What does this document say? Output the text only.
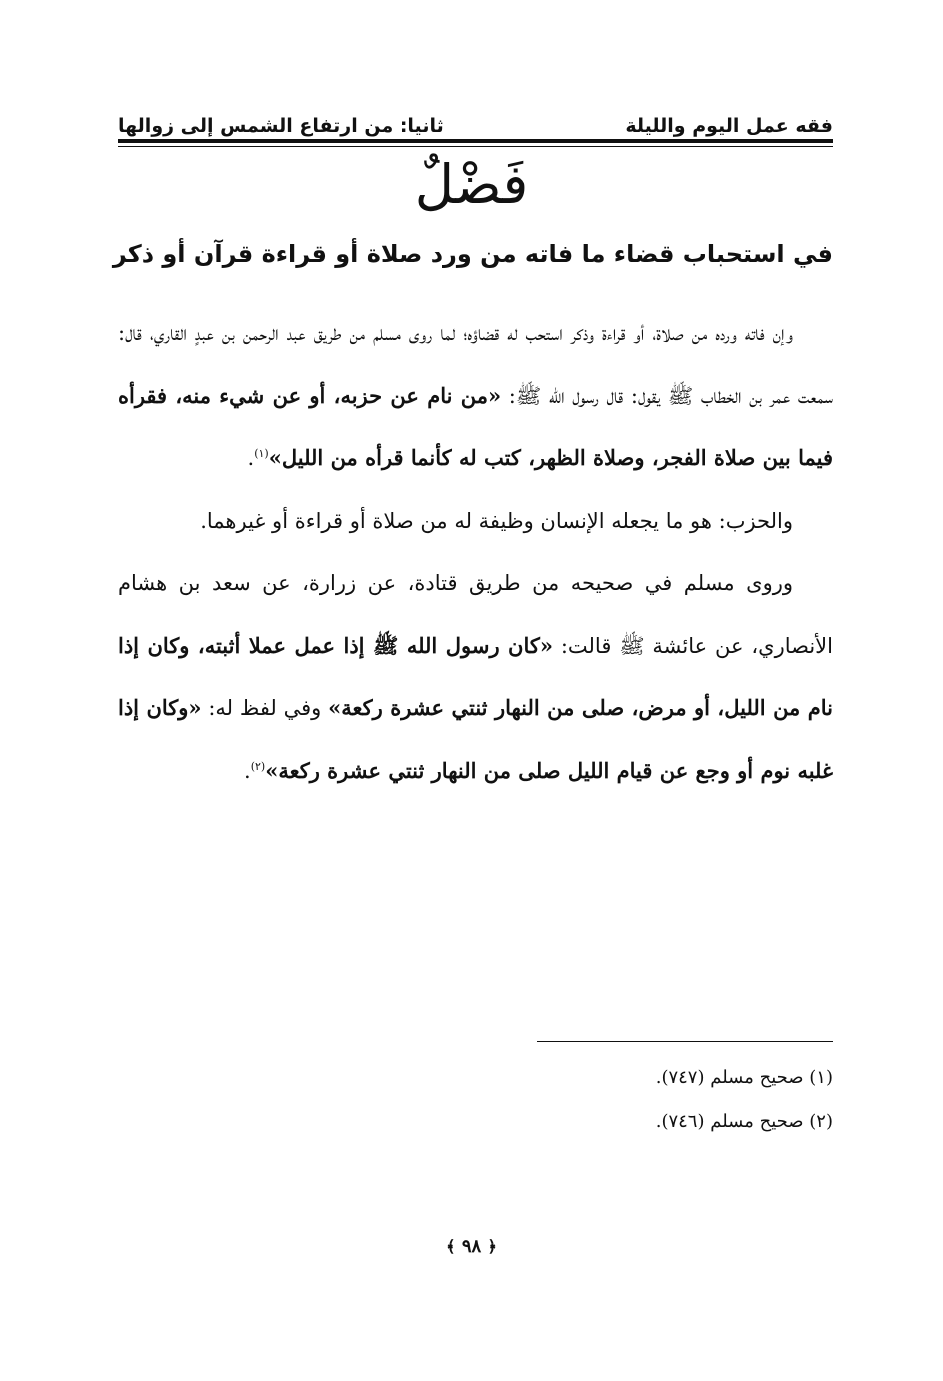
فقه عمل اليوم والليلة
ثانيا: من ارتفاع الشمس إلى زوالها
فَضْلٌ
في استحباب قضاء ما فاته من ورد صلاة أو قراءة قرآن أو ذكر

وإن فاته ورده من صلاة، أو قراءة وذكر استحب له قضاؤه؛ لما روى مسلم من طريق عبد الرحمن بن عبدٍ القاري، قال: سمعت عمر بن الخطاب ﷺ يقول: قال رسول الله ﷺ: «من نام عن حزبه، أو عن شيء منه، فقرأه فيما بين صلاة الفجر، وصلاة الظهر، كتب له كأنما قرأه من الليل»$^{(١)}$.

والحزب: هو ما يجعله الإنسان وظيفة له من صلاة أو قراءة أو غيرهما.

وروى مسلم في صحيحه من طريق قتادة، عن زرارة، عن سعد بن هشام الأنصاري، عن عائشة ﷺ قالت: «كان رسول الله ﷺ إذا عمل عملا أثبته، وكان إذا نام من الليل، أو مرض، صلى من النهار ثنتي عشرة ركعة» وفي لفظ له: «وكان إذا غلبه نوم أو وجع عن قيام الليل صلى من النهار ثنتي عشرة ركعة»$^{(٢)}$.

(١) صحيح مسلم (٧٤٧).
(٢) صحيح مسلم (٧٤٦).
﴿ ٩٨ ﴾
